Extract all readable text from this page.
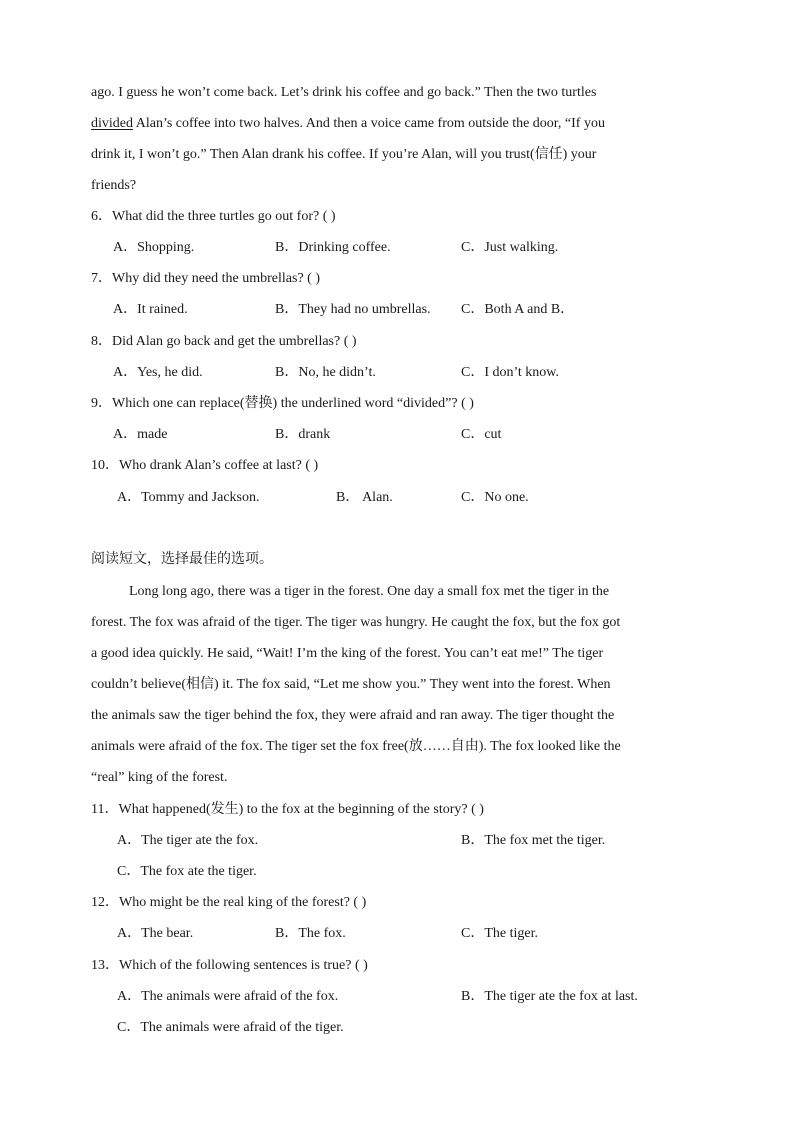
ago. I guess he won’t come back. Let’s drink his coffee and go back.” Then the two turtles
divided Alan’s coffee into two halves. And then a voice came from outside the door, “If you
drink it, I won’t go.” Then Alan drank his coffee. If you’re Alan, will you trust(信任) your
friends?
6．What did the three turtles go out for? ( )
A．Shopping.	B．Drinking coffee.	C．Just walking.
7．Why did they need the umbrellas? ( )
A．It rained.	B．They had no umbrellas. C．Both A and B．
8．Did Alan go back and get the umbrellas? ( )
A．Yes, he did.	B．No, he didn’t.	C．I don’t know.
9．Which one can replace(替换) the underlined word “divided”? ( )
A．made	B．drank	C．cut
10．Who drank Alan’s coffee at last? ( )
A．Tommy and Jackson.	B． Alan.	C．No one.
阅读短文，选择最佳的选项。
Long long ago, there was a tiger in the forest. One day a small fox met the tiger in the
forest. The fox was afraid of the tiger. The tiger was hungry. He caught the fox, but the fox got
a good idea quickly. He said, “Wait! I’m the king of the forest. You can’t eat me!” The tiger
couldn’t believe(相信) it. The fox said, “Let me show you.” They went into the forest. When
the animals saw the tiger behind the fox, they were afraid and ran away. The tiger thought the
animals were afraid of the fox. The tiger set the fox free(放……自由). The fox looked like the
“real” king of the forest.
11．What happened(发生) to the fox at the beginning of the story? ( )
A．The tiger ate the fox.	B．The fox met the tiger.
C．The fox ate the tiger.
12．Who might be the real king of the forest? ( )
A．The bear.	B．The fox.	C．The tiger.
13．Which of the following sentences is true? ( )
A．The animals were afraid of the fox.	B．The tiger ate the fox at last.
C．The animals were afraid of the tiger.
